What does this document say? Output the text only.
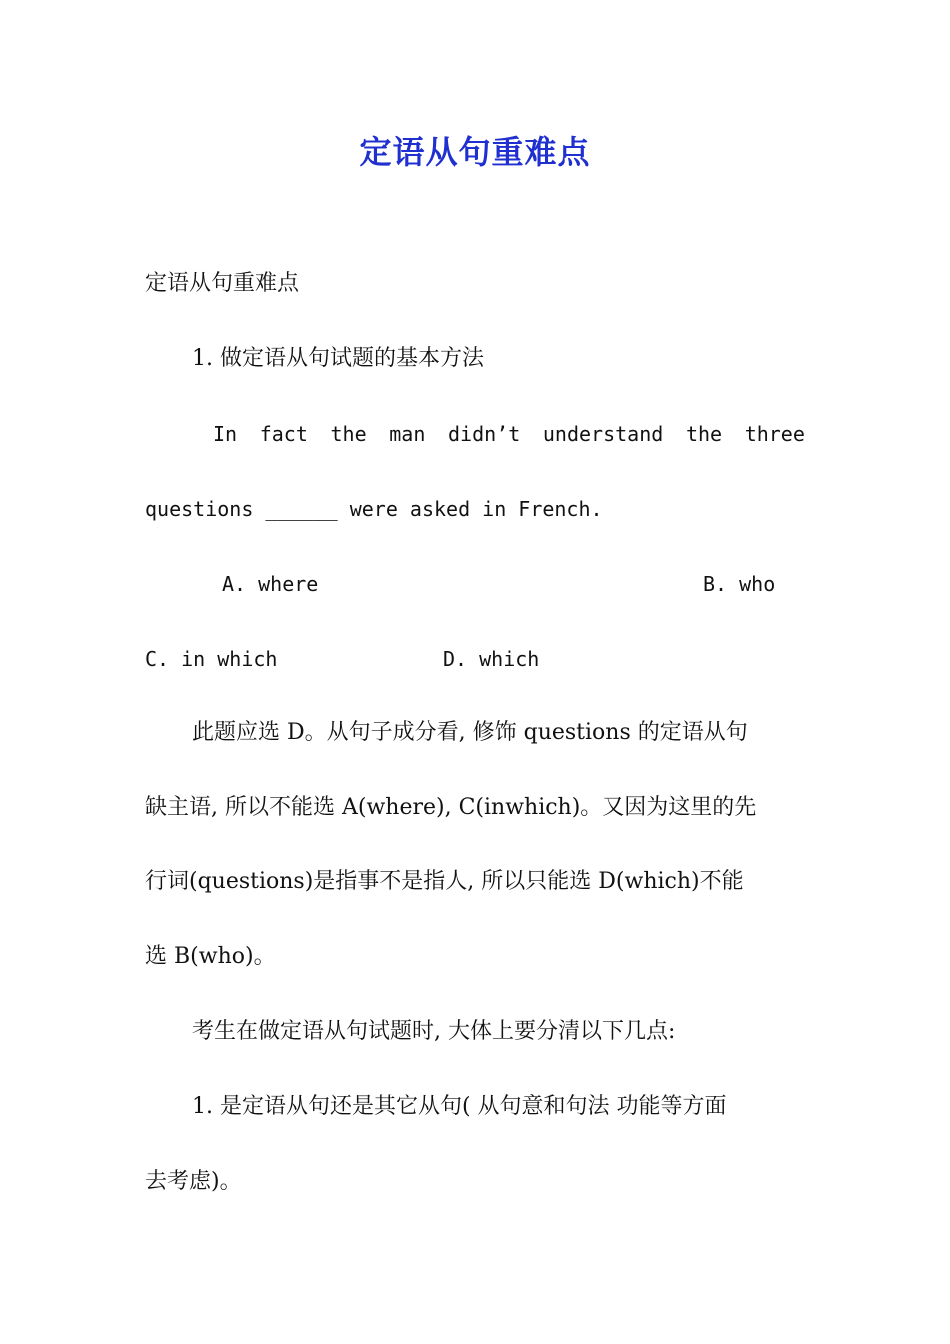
定语从句重难点
定语从句重难点
1. 做定语从句试题的基本方法
In fact the man didn’t understand the three
questions ______ were asked in French.
A. where	B. who
C. in which	D. which
此题应选 D。从句子成分看, 修饰 questions 的定语从句
缺主语, 所以不能选 A(where), C(inwhich)。又因为这里的先
行词(questions)是指事不是指人, 所以只能选 D(which)不能
选 B(who)。
考生在做定语从句试题时, 大体上要分清以下几点:
1. 是定语从句还是其它从句( 从句意和句法 功能等方面
去考虑)。
